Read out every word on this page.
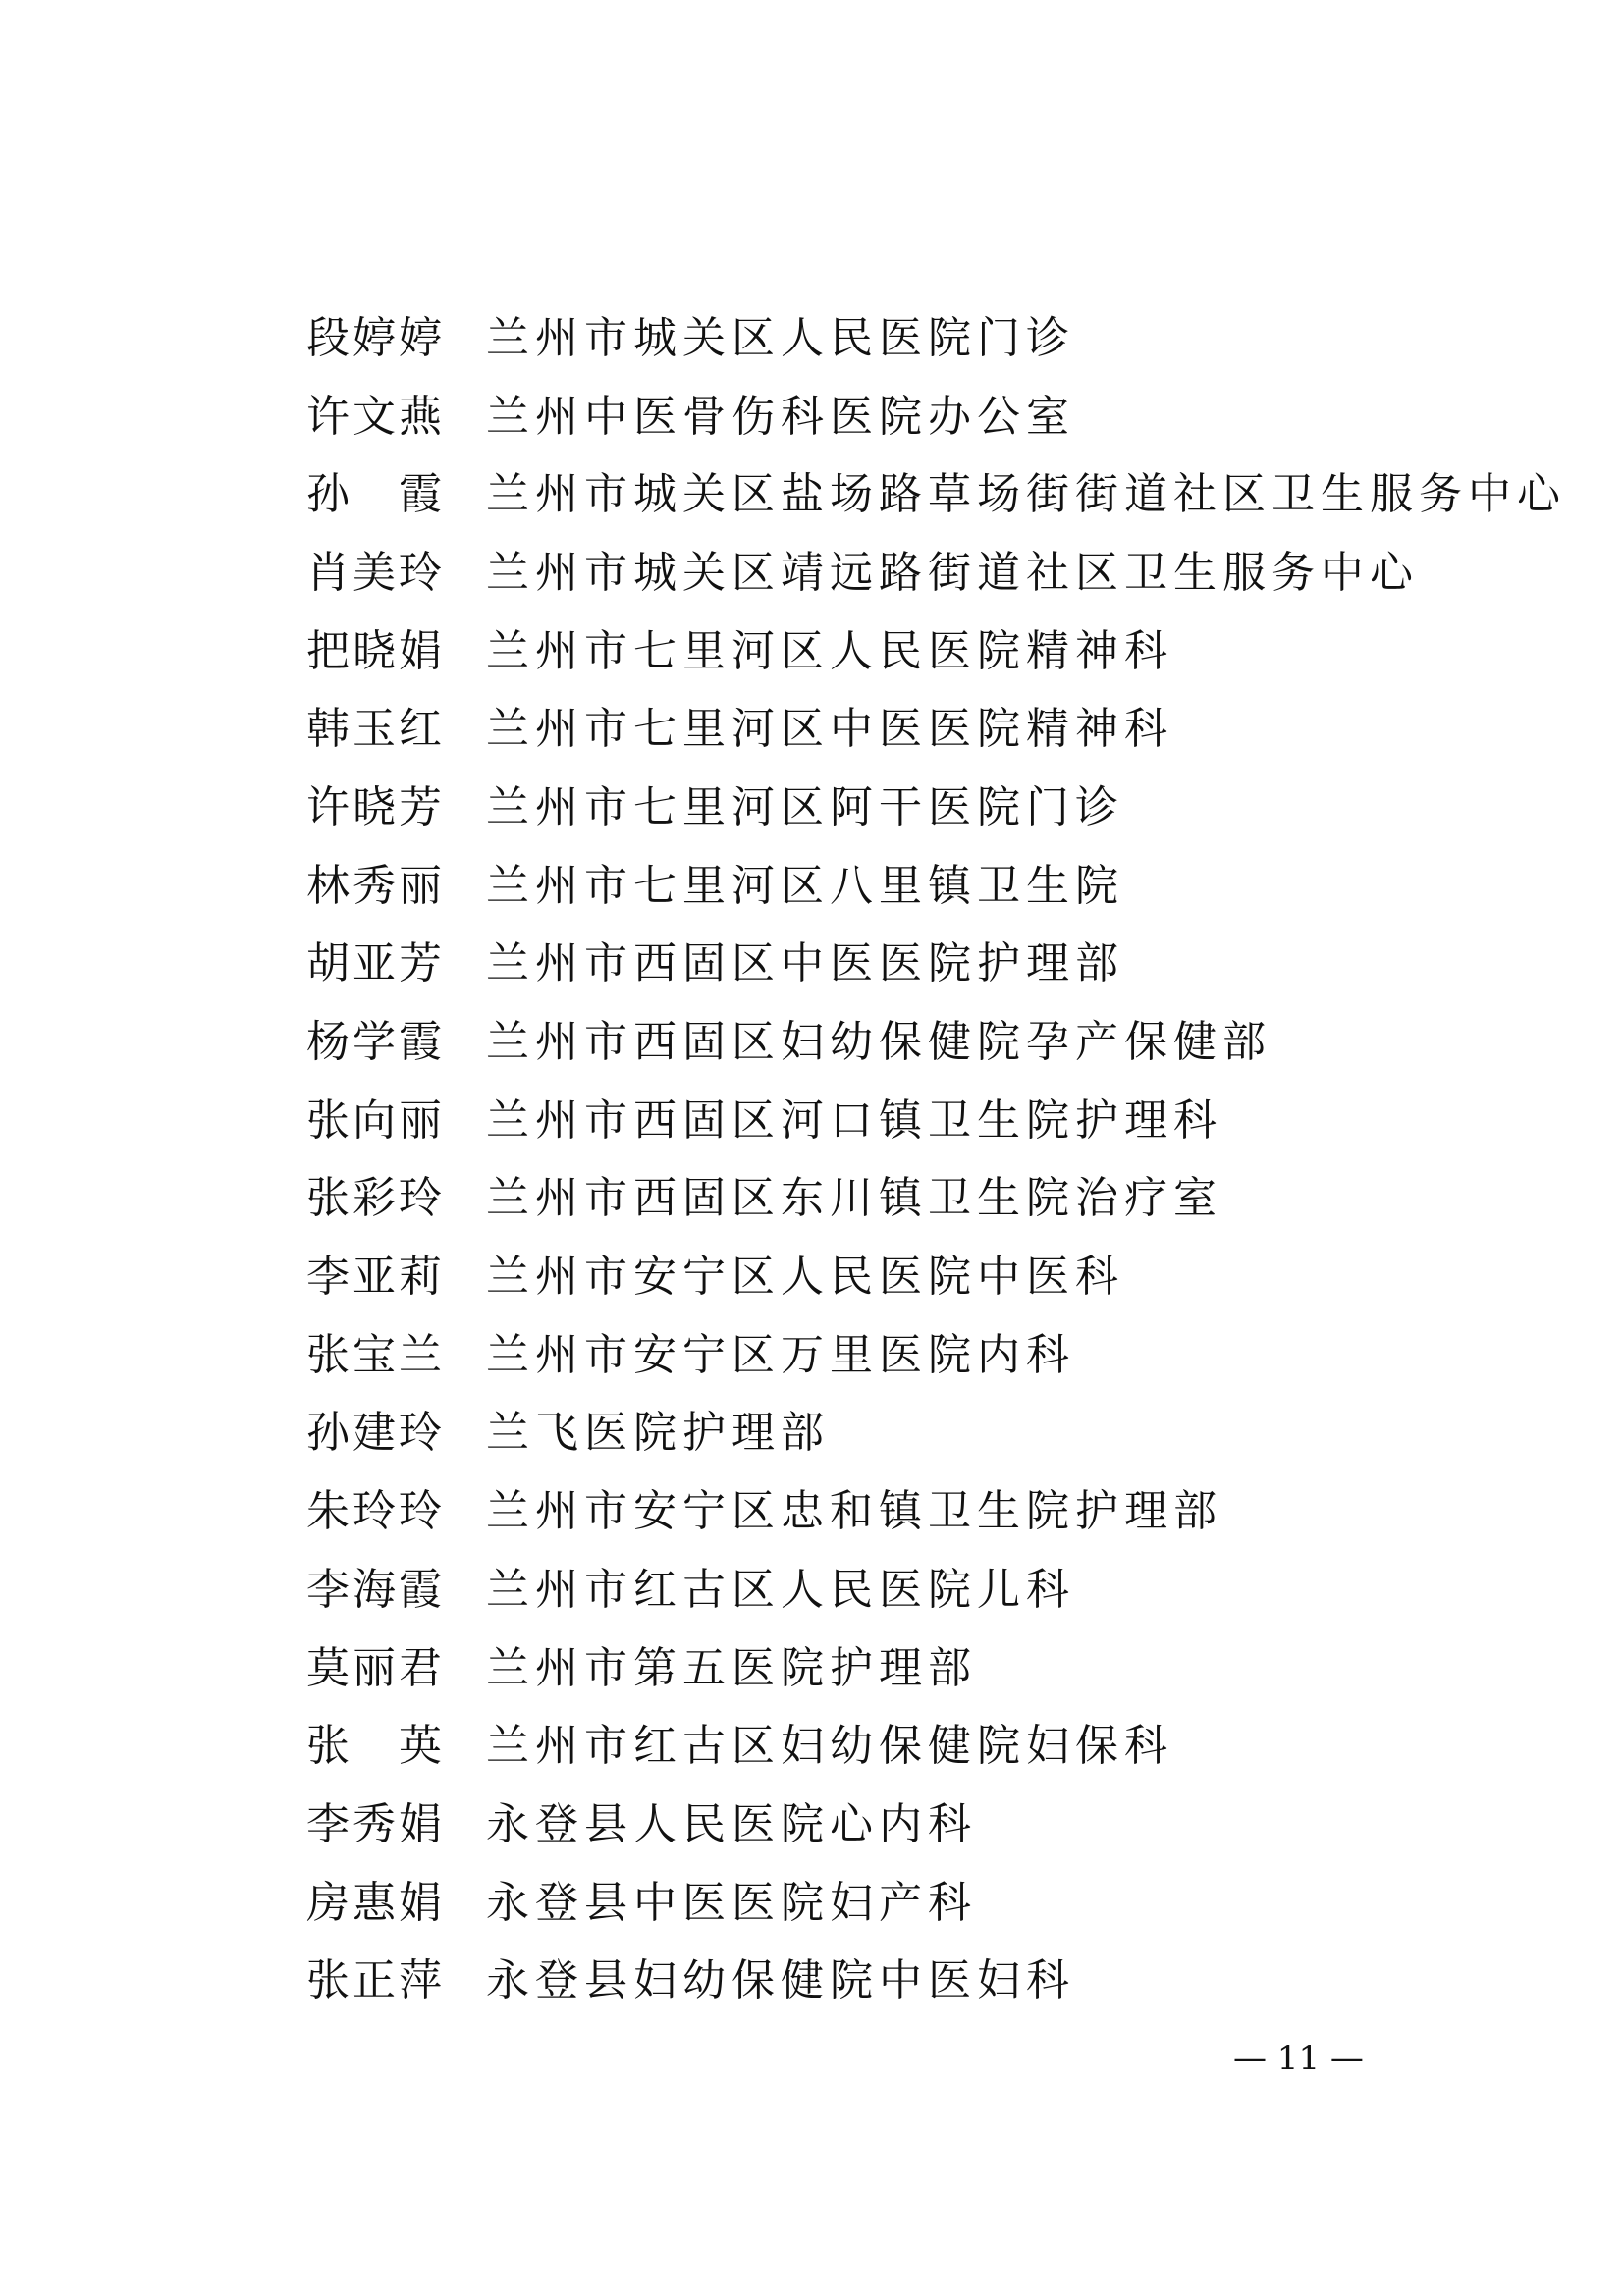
段婷婷 兰州市城关区人民医院门诊
许文燕 兰州中医骨伤科医院办公室
孙　霞 兰州市城关区盐场路草场街街道社区卫生服务中心
肖美玲 兰州市城关区靖远路街道社区卫生服务中心
把晓娟 兰州市七里河区人民医院精神科
韩玉红 兰州市七里河区中医医院精神科
许晓芳 兰州市七里河区阿干医院门诊
林秀丽 兰州市七里河区八里镇卫生院
胡亚芳 兰州市西固区中医医院护理部
杨学霞 兰州市西固区妇幼保健院孕产保健部
张向丽 兰州市西固区河口镇卫生院护理科
张彩玲 兰州市西固区东川镇卫生院治疗室
李亚莉 兰州市安宁区人民医院中医科
张宝兰 兰州市安宁区万里医院内科
孙建玲 兰飞医院护理部
朱玲玲 兰州市安宁区忠和镇卫生院护理部
李海霞 兰州市红古区人民医院儿科
莫丽君 兰州市第五医院护理部
张　英 兰州市红古区妇幼保健院妇保科
李秀娟 永登县人民医院心内科
房惠娟 永登县中医医院妇产科
张正萍 永登县妇幼保健院中医妇科
— 11 —
